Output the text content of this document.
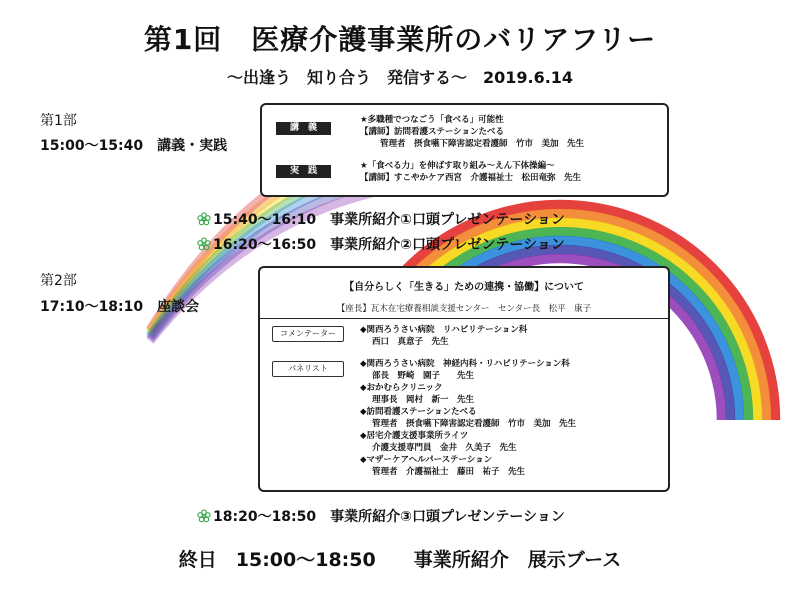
第1回　医療介護事業所のバリアフリー
～出逢う　知り合う　発信する～　2019.6.14
第1部
15:00～15:40　講義・実践
講　義
★多職種でつなごう「食べる」可能性
【講師】訪問看護ステーションたべる
管理者　摂食嚥下障害認定看護師　竹市　美加　先生
実　践	★「食べる力」を伸ばす取り組み～えん下体操編～
【講師】すこやかケア西宮　介護福祉士　松田竜弥　先生
15:40～16:10　事業所紹介①口頭プレゼンテーション
16:20～16:50　事業所紹介②口頭プレゼンテーション
第2部
17:10～18:10　座談会
【自分らしく「生きる」ための連携・協働】について
【座長】瓦木在宅療養相談支援センター　センター長　松平　康子
コメンテーター	◆関西ろうさい病院　リハビリテーション科
西口　真意子　先生
パネリスト	◆関西ろうさい病院　神経内科・リハビリテーション科
部長　野崎　園子　　先生
◆おかむらクリニック
理事長　岡村　新一　先生
◆訪問看護ステーションたべる
管理者　摂食嚥下障害認定看護師　竹市　美加　先生
◆居宅介護支援事業所ライツ
介護支援専門員　金井　久美子　先生
◆マザーケアヘルパーステーション
管理者　介護福祉士　藤田　祐子　先生
18:20～18:50　事業所紹介③口頭プレゼンテーション
終日　15:00～18:50　　事業所紹介　展示ブース
